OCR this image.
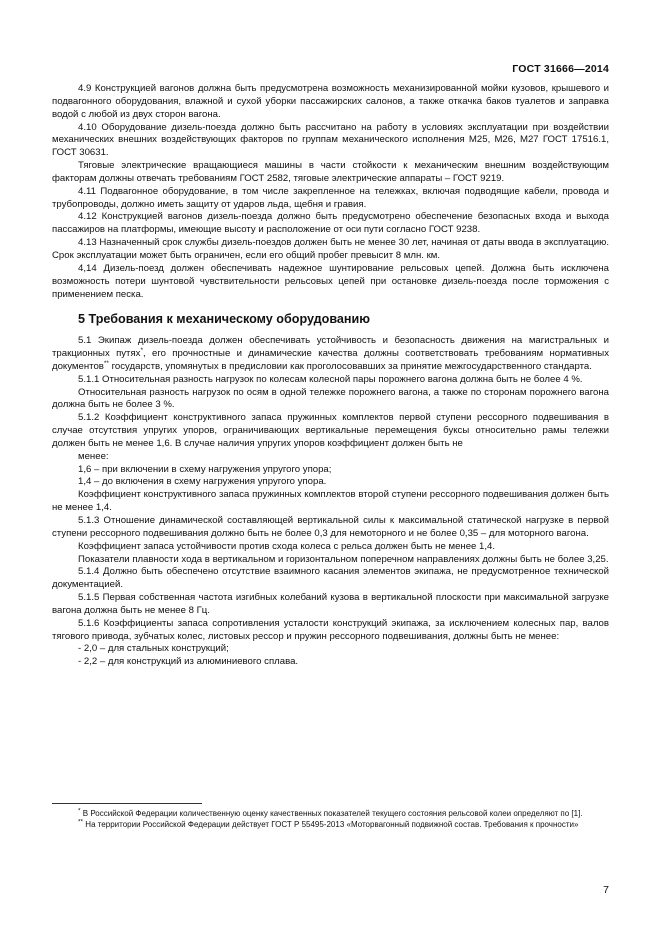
ГОСТ 31666—2014

4.9 Конструкцией вагонов должна быть предусмотрена возможность механизированной мойки кузовов, крышевого и подвагонного оборудования, влажной и сухой уборки пассажирских салонов, а также откачка баков туалетов и заправка водой с любой из двух сторон вагона.

4.10 Оборудование дизель-поезда должно быть рассчитано на работу в условиях эксплуатации при воздействии механических внешних воздействующих факторов по группам механического исполнения М25, М26, М27 ГОСТ 17516.1, ГОСТ 30631.

Тяговые электрические вращающиеся машины в части стойкости к механическим внешним воздействующим факторам должны отвечать требованиям ГОСТ 2582, тяговые электрические аппараты – ГОСТ 9219.

4.11 Подвагонное оборудование, в том числе закрепленное на тележках, включая подводящие кабели, провода и трубопроводы, должно иметь защиту от ударов льда, щебня и гравия.

4.12 Конструкцией вагонов дизель-поезда должно быть предусмотрено обеспечение безопасных входа и выхода пассажиров на платформы, имеющие высоту и расположение от оси пути согласно ГОСТ 9238.

4.13 Назначенный срок службы дизель-поездов должен быть не менее 30 лет, начиная от даты ввода в эксплуатацию. Срок эксплуатации может быть ограничен, если его общий пробег превысит 8 млн. км.

4,14 Дизель-поезд должен обеспечивать надежное шунтирование рельсовых цепей. Должна быть исключена возможность потери шунтовой чувствительности рельсовых цепей при остановке дизель-поезда после торможения с применением песка.

5 Требования к механическому оборудованию

5.1 Экипаж дизель-поезда должен обеспечивать устойчивость и безопасность движения на магистральных и тракционных путях*, его прочностные и динамические качества должны соответствовать требованиям нормативных документов** государств, упомянутых в предисловии как проголосовавших за принятие межгосударственного стандарта.

5.1.1 Относительная разность нагрузок по колесам колесной пары порожнего вагона должна быть не более 4 %.

Относительная разность нагрузок по осям в одной тележке порожнего вагона, а также по сторонам порожнего вагона должна быть не более 3 %.

5.1.2 Коэффициент конструктивного запаса пружинных комплектов первой ступени рессорного подвешивания в случае отсутствия упругих упоров, ограничивающих вертикальные перемещения буксы относительно рамы тележки должен быть не менее 1,6. В случае наличия упругих упоров коэффициент должен быть не

менее:

1,6 – при включении в схему нагружения упругого упора;

1,4 – до включения в схему нагружения упругого упора.

Коэффициент конструктивного запаса пружинных комплектов второй ступени рессорного подвешивания должен быть не менее 1,4.

5.1.3 Отношение динамической составляющей вертикальной силы к максимальной статической нагрузке в первой ступени рессорного подвешивания должно быть не более 0,3 для немоторного и не более 0,35 – для моторного вагона.

Коэффициент запаса устойчивости против схода колеса с рельса должен быть не менее 1,4.

Показатели плавности хода в вертикальном и горизонтальном поперечном направлениях должны быть не более 3,25.

5.1.4 Должно быть обеспечено отсутствие взаимного касания элементов экипажа, не предусмотренное технической документацией.

5.1.5 Первая собственная частота изгибных колебаний кузова в вертикальной плоскости при максимальной загрузке вагона должна быть не менее 8 Гц.

5.1.6 Коэффициенты запаса сопротивления усталости конструкций экипажа, за исключением колесных пар, валов тягового привода, зубчатых колес, листовых рессор и пружин рессорного подвешивания, должны быть не менее:

- 2,0 – для стальных конструкций;

- 2,2 – для конструкций из алюминиевого сплава.

* В Российской Федерации количественную оценку качественных показателей текущего состояния рельсовой колеи определяют по [1].

** На территории Российской Федерации действует ГОСТ Р 55495-2013 «Моторвагонный подвижной состав. Требования к прочности»

7
